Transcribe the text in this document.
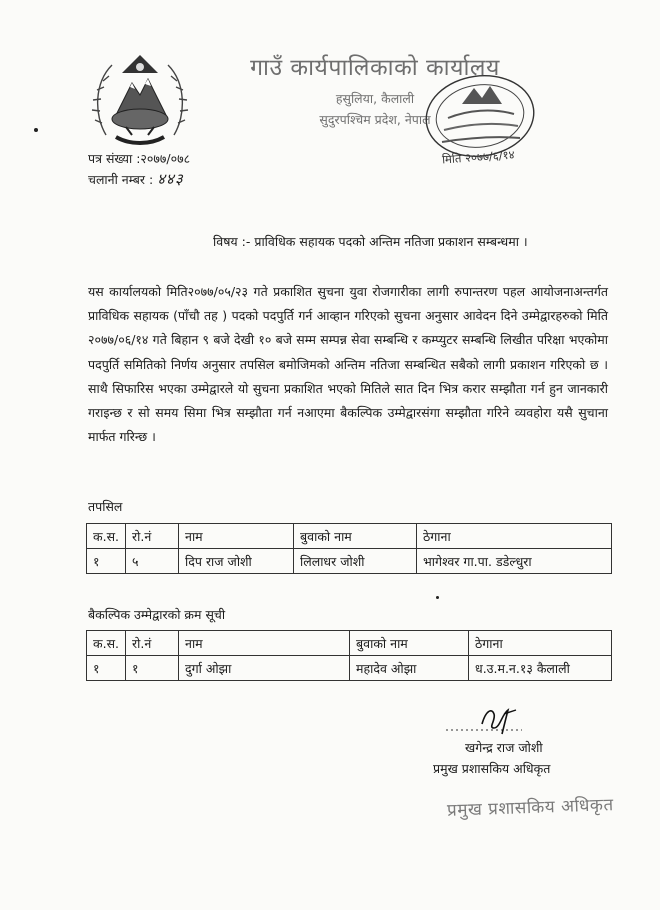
गाउँ कार्यपालिकाको कार्यालय
हसुलिया, कैलाली
सुदुरपश्चिम प्रदेश, नेपाल
मिति २०७७/६/१४
पत्र संख्या :२०७७/०७८
चलानी नम्बर : ४४३
विषय :- प्राविधिक सहायक पदको अन्तिम नतिजा प्रकाशन सम्बन्धमा ।
यस कार्यालयको मिति२०७७/०५/२३ गते प्रकाशित सुचना युवा रोजगारीका लागी रुपान्तरण पहल आयोजनाअन्तर्गत प्राविधिक सहायक (पाँचौ तह ) पदको पदपुर्ति गर्न आव्हान गरिएको सुचना अनुसार आवेदन दिने उम्मेद्वारहरुको मिति २०७७/०६/१४ गते बिहान ९ बजे देखी १० बजे सम्म सम्पन्न सेवा सम्बन्धि र कम्प्युटर सम्बन्धि लिखीत परिक्षा भएकोमा पदपुर्ति समितिको निर्णय अनुसार तपसिल बमोजिमको अन्तिम नतिजा सम्बन्धित सबैको लागी प्रकाशन गरिएको छ । साथै सिफारिस भएका उम्मेद्वारले यो सुचना प्रकाशित भएको मितिले सात दिन भित्र करार सम्झौता गर्न हुन जानकारी गराइन्छ र सो समय सिमा भित्र सम्झौता गर्न नआएमा बैकल्पिक उम्मेद्वारसंगा सम्झौता गरिने व्यवहोरा यसै सुचाना मार्फत गरिन्छ ।
तपसिल
क.स.	रो.नं	नाम	बुवाको नाम	ठेगाना
१	५	दिप राज जोशी	लिलाधर जोशी	भागेश्वर गा.पा. डडेल्धुरा
बैकल्पिक उम्मेद्वारको क्रम सूची
क.स.	रो.नं	नाम	बुवाको नाम	ठेगाना
१	१	दुर्गा ओझा	महादेव ओझा	ध.उ.म.न.१३ कैलाली
खगेन्द्र राज जोशी
प्रमुख प्रशासकिय अधिकृत
प्रमुख प्रशासकिय अधिकृत
